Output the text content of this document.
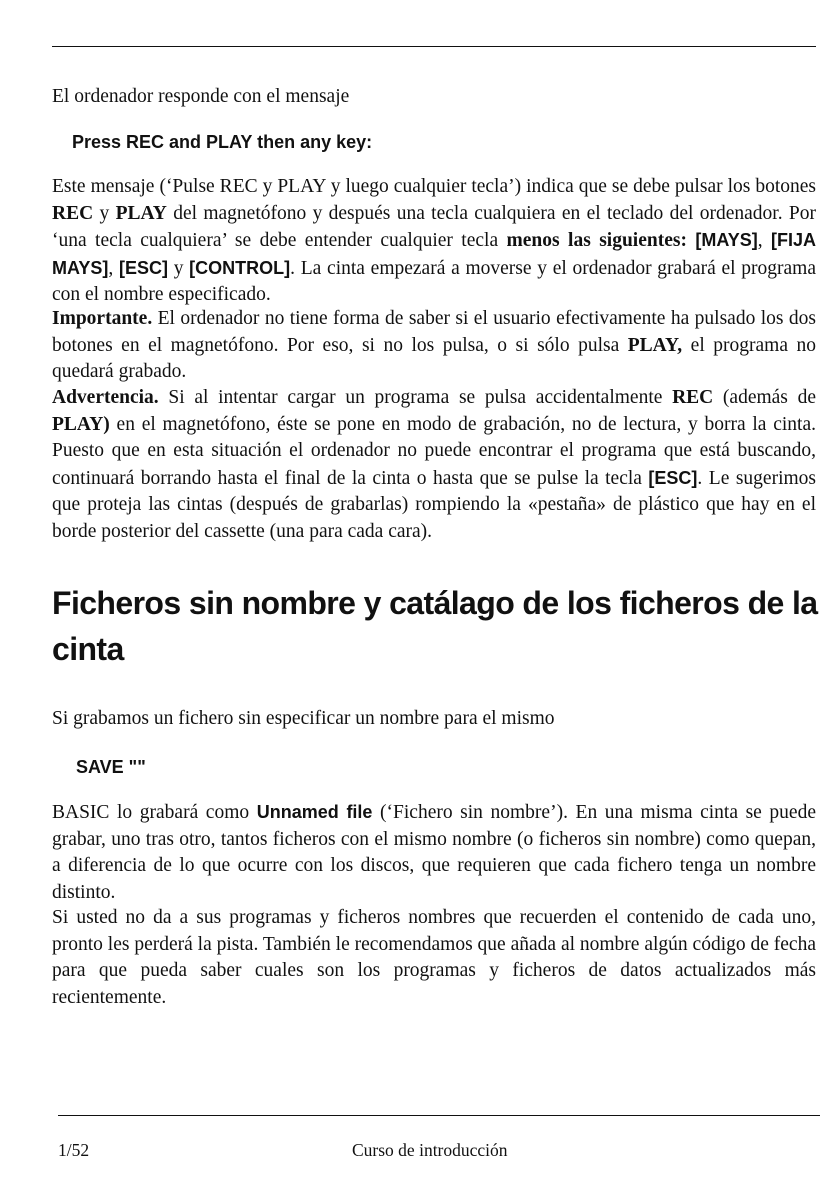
El ordenador responde con el mensaje

Press REC and PLAY then any key:

Este mensaje (‘Pulse REC y PLAY y luego cualquier tecla’) indica que se debe pulsar los botones REC y PLAY del magnetófono y después una tecla cualquiera en el teclado del ordenador. Por ‘una tecla cualquiera’ se debe entender cualquier tecla menos las siguientes: [MAYS], [FIJA MAYS], [ESC] y [CONTROL]. La cinta empezará a moverse y el ordenador grabará el programa con el nombre especificado.

Importante. El ordenador no tiene forma de saber si el usuario efectivamente ha pulsado los dos botones en el magnetófono. Por eso, si no los pulsa, o si sólo pulsa PLAY, el programa no quedará grabado.

Advertencia. Si al intentar cargar un programa se pulsa accidentalmente REC (además de PLAY) en el magnetófono, éste se pone en modo de grabación, no de lectura, y borra la cinta. Puesto que en esta situación el ordenador no puede encontrar el programa que está buscando, continuará borrando hasta el final de la cinta o hasta que se pulse la tecla [ESC]. Le sugerimos que proteja las cintas (después de grabarlas) rompiendo la «pestaña» de plástico que hay en el borde posterior del cassette (una para cada cara).

Ficheros sin nombre y catálago de los ficheros de la cinta

Si grabamos un fichero sin especificar un nombre para el mismo

SAVE ""

BASIC lo grabará como Unnamed file (‘Fichero sin nombre’). En una misma cinta se puede grabar, uno tras otro, tantos ficheros con el mismo nombre (o ficheros sin nombre) como quepan, a diferencia de lo que ocurre con los discos, que requieren que cada fichero tenga un nombre distinto.

Si usted no da a sus programas y ficheros nombres que recuerden el contenido de cada uno, pronto les perderá la pista. También le recomendamos que añada al nombre algún código de fecha para que pueda saber cuales son los programas y ficheros de datos actualizados más recientemente.

1/52	Curso de introducción
